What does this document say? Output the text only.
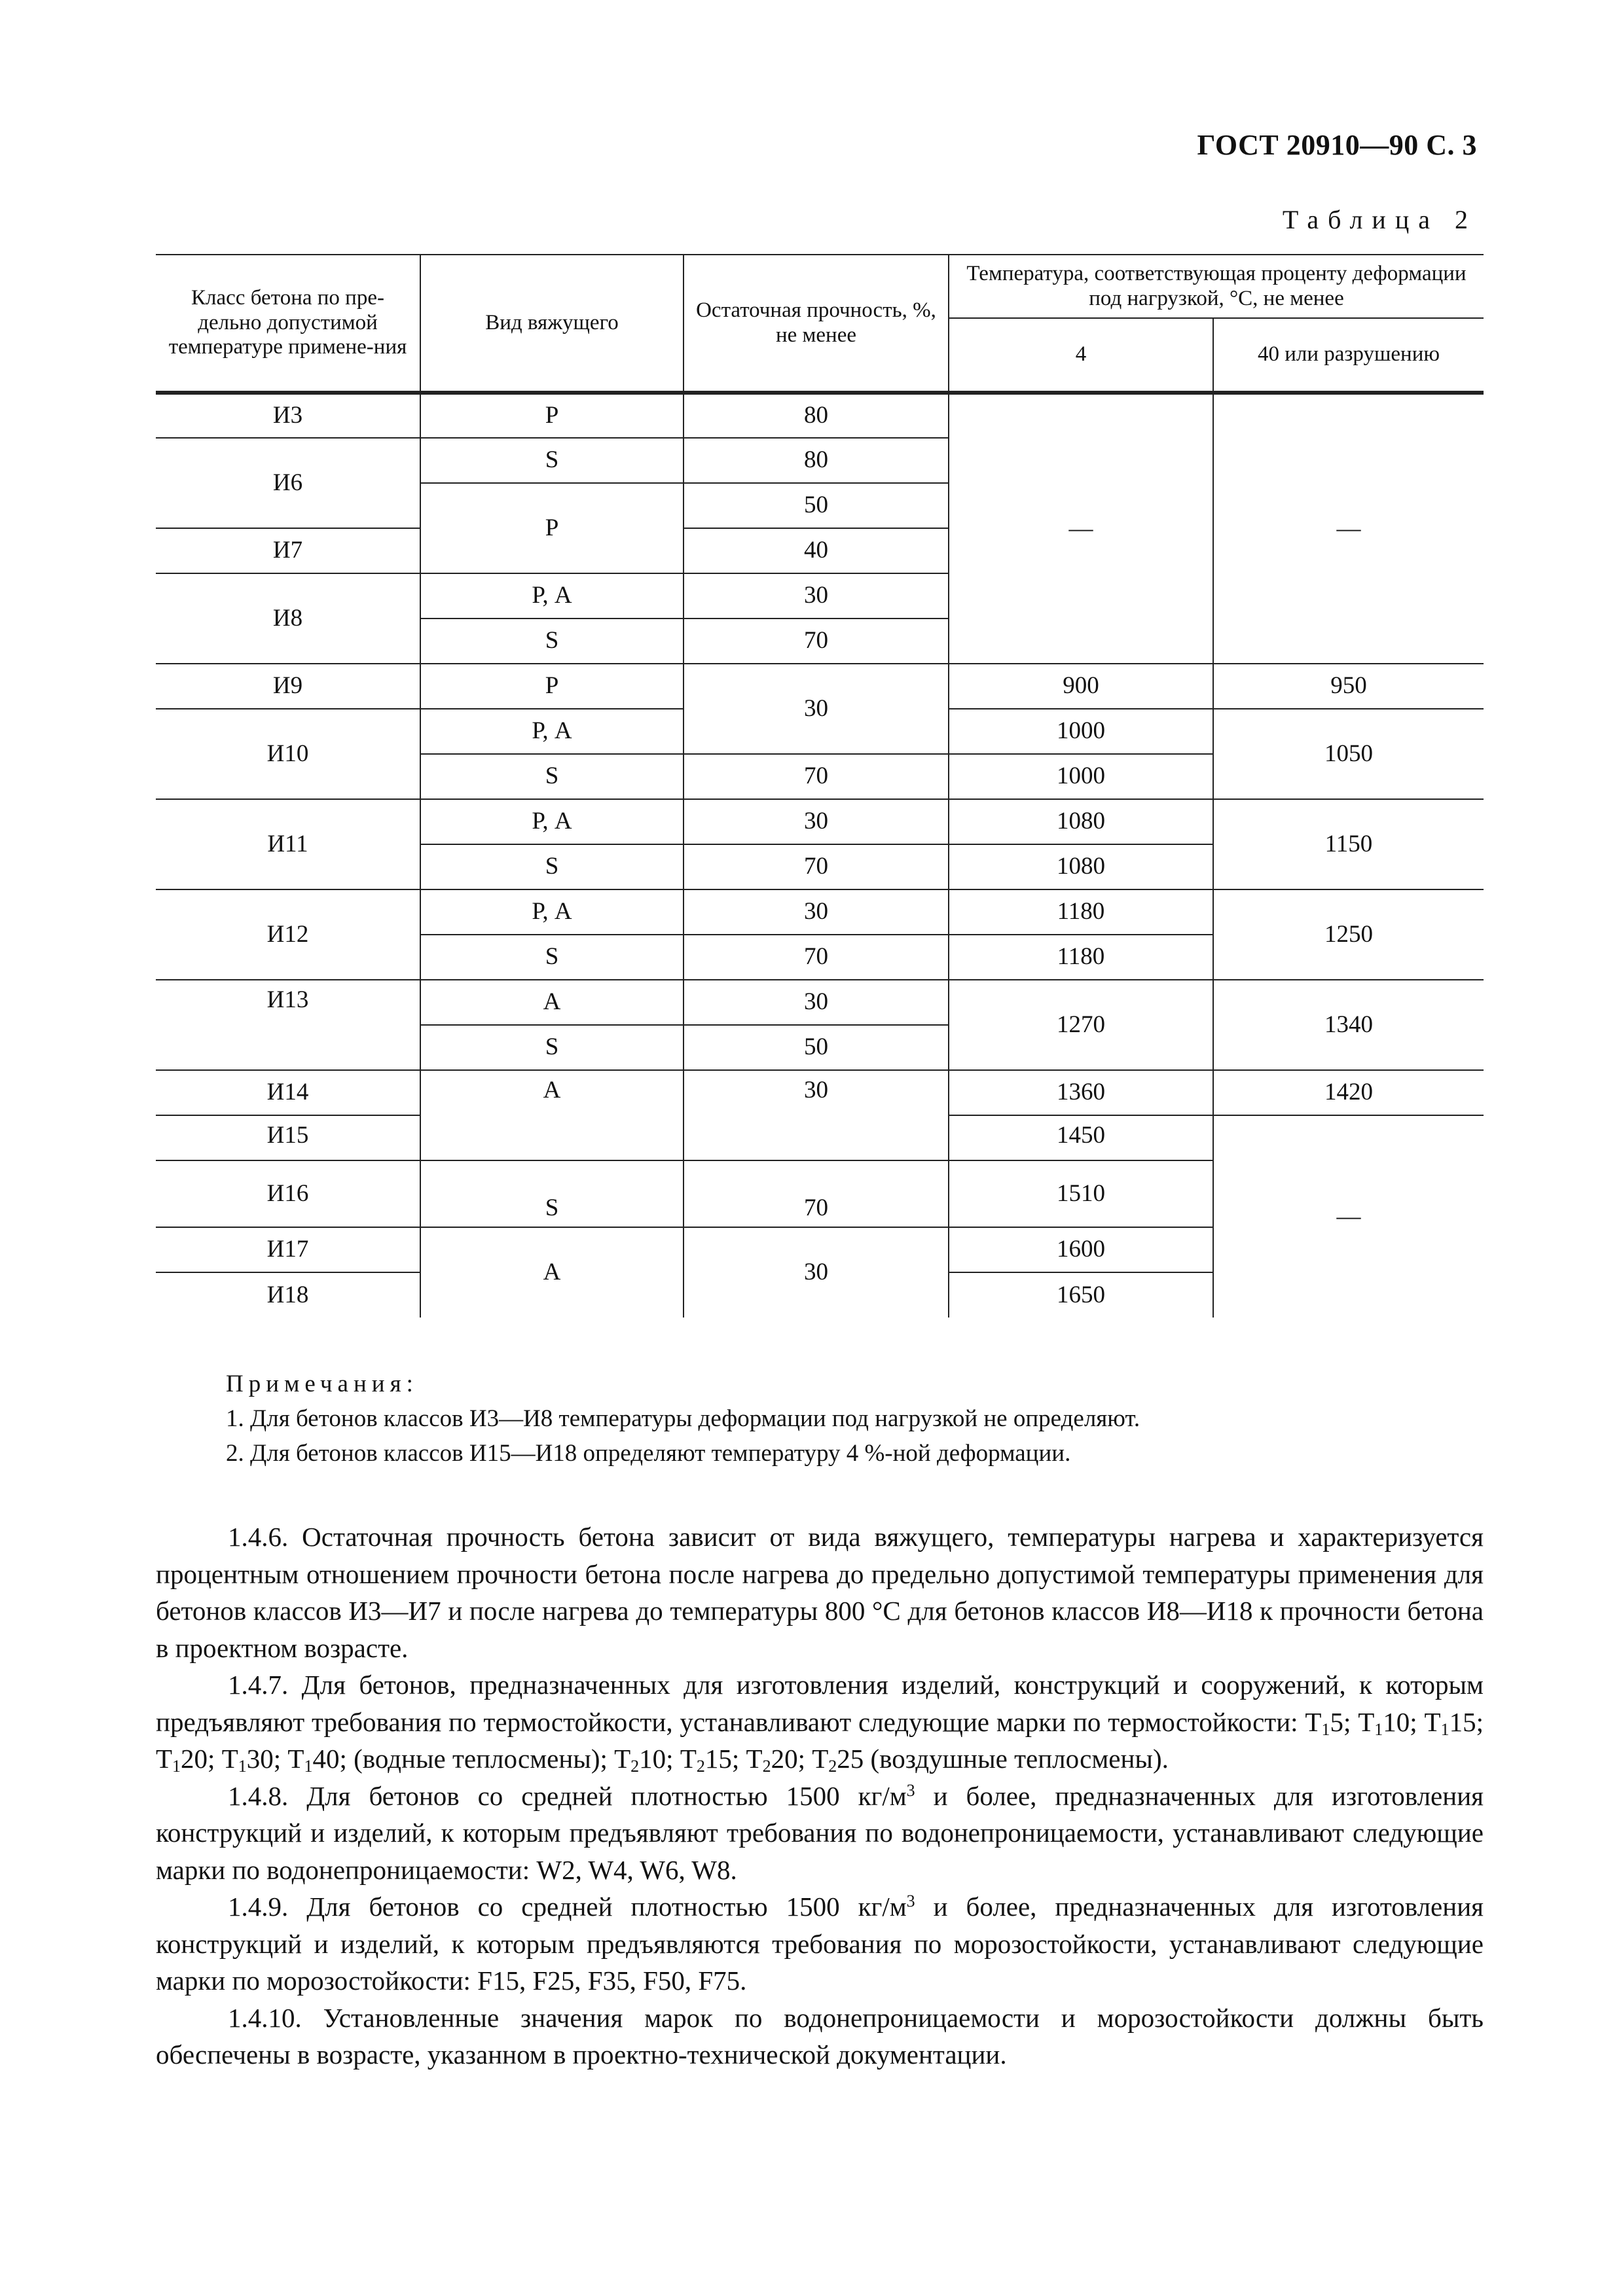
ГОСТ 20910—90 С. 3
Таблица 2
Класс бетона по пре-дельно допустимой температуре примене-ния	Вид вяжущего	Остаточная прочность, %, не менее	Температура, соответствующая проценту деформации под нагрузкой, °С, не менее	
			4	40 или разрушению
И3	Р	80	—	—
И6	S	80		
	Р	50		
И7		40		
И8	Р, А	30		
	S	70		
И9	Р	30	900	950
И10	Р, А		1000	1050
	S	70	1000	
И11	Р, А	30	1080	1150
	S	70	1080	
И12	Р, А	30	1180	1250
	S	70	1180	
И13	А	30	1270	1340
	S	50		
И14	А	30	1360	1420
И15			1450	—
И16	S	70	1510	
И17	А	30	1600	
И18			1650	

Примечания:

1. Для бетонов классов И3—И8 температуры деформации под нагрузкой не определяют.

2. Для бетонов классов И15—И18 определяют температуру 4 %-ной деформации.

1.4.6. Остаточная прочность бетона зависит от вида вяжущего, температуры нагрева и характеризуется процентным отношением прочности бетона после нагрева до предельно допустимой температуры применения для бетонов классов И3—И7 и после нагрева до температуры 800 °С для бетонов классов И8—И18 к прочности бетона в проектном возрасте.

1.4.7. Для бетонов, предназначенных для изготовления изделий, конструкций и сооружений, к которым предъявляют требования по термостойкости, устанавливают следующие марки по термостойкости: $Т_15$; $Т_110$; $Т_115$; $Т_120$; $Т_130$; $Т_140$; (водные теплосмены); $Т_210$; $Т_215$; $Т_220$; $Т_225$ (воздушные теплосмены).

1.4.8. Для бетонов со средней плотностью 1500 $кг/м^3$ и более, предназначенных для изготовления конструкций и изделий, к которым предъявляют требования по водонепроницаемости, устанавливают следующие марки по водонепроницаемости: W2, W4, W6, W8.

1.4.9. Для бетонов со средней плотностью 1500 $кг/м^3$ и более, предназначенных для изготовления конструкций и изделий, к которым предъявляются требования по морозостойкости, устанавливают следующие марки по морозостойкости: F15, F25, F35, F50, F75.

1.4.10. Установленные значения марок по водонепроницаемости и морозостойкости должны быть обеспечены в возрасте, указанном в проектно-технической документации.
